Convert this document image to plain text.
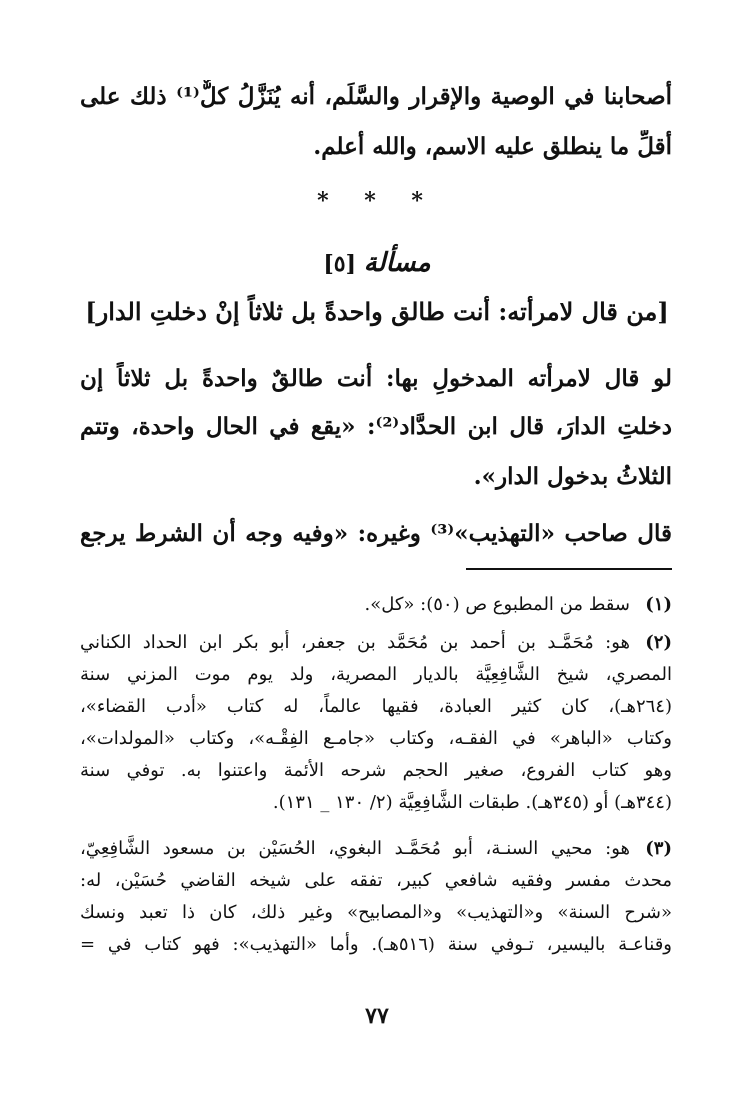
أصحابنا في الوصية والإقرار والسَّلَم، أنه يُنَزَّلُ كلٌّ⁽¹⁾ ذلك على
أقلِّ ما ينطلق عليه الاسم، والله أعلم.
* * *
مسألة [٥]
[من قال لامرأته: أنت طالق واحدةً بل ثلاثاً إنْ دخلتِ الدار]
لو قال لامرأته المدخولِ بها: أنت طالقٌ واحدةً بل ثلاثاً إن
دخلتِ الدارَ، قال ابن الحدَّاد⁽²⁾: «يقع في الحال واحدة، وتتم
الثلاثُ بدخول الدار».
قال صاحب «التهذيب»⁽³⁾ وغيره: «وفيه وجه أن الشرط يرجع
(١)
سقط من المطبوع ص (٥٠): «كل».
(٢)
هو: مُحَمَّـد بن أحمد بن مُحَمَّد بن جعفر، أبو بكر ابن الحداد الكناني
المصري، شيخ الشَّافِعِيَّة بالديار المصرية، ولد يوم موت المزني سنة
(٢٦٤هـ)، كان كثير العبادة، فقيها عالماً، له كتاب «أدب القضاء»،
وكتاب «الباهر» في الفقـه، وكتاب «جامـع الفِقْـه»، وكتاب «المولدات»،
وهو كتاب الفروع، صغير الحجم شرحه الأئمة واعتنوا به. توفي سنة
(٣٤٤هـ) أو (٣٤٥هـ). طبقات الشَّافِعِيَّة (٢/ ١٣٠ _ ١٣١).
(٣)
هو: محيي السنـة، أبو مُحَمَّـد البغوي، الحُسَيْن بن مسعود الشَّافِعِيّ،
محدث مفسر وفقيه شافعي كبير، تفقه على شيخه القاضي حُسَيْن، له:
«شرح السنة» و«التهذيب» و«المصابيح» وغير ذلك، كان ذا تعبد ونسك
وقناعـة باليسير، تـوفي سنة (٥١٦هـ). وأما «التهذيب»: فهو كتاب في =
٧٧
